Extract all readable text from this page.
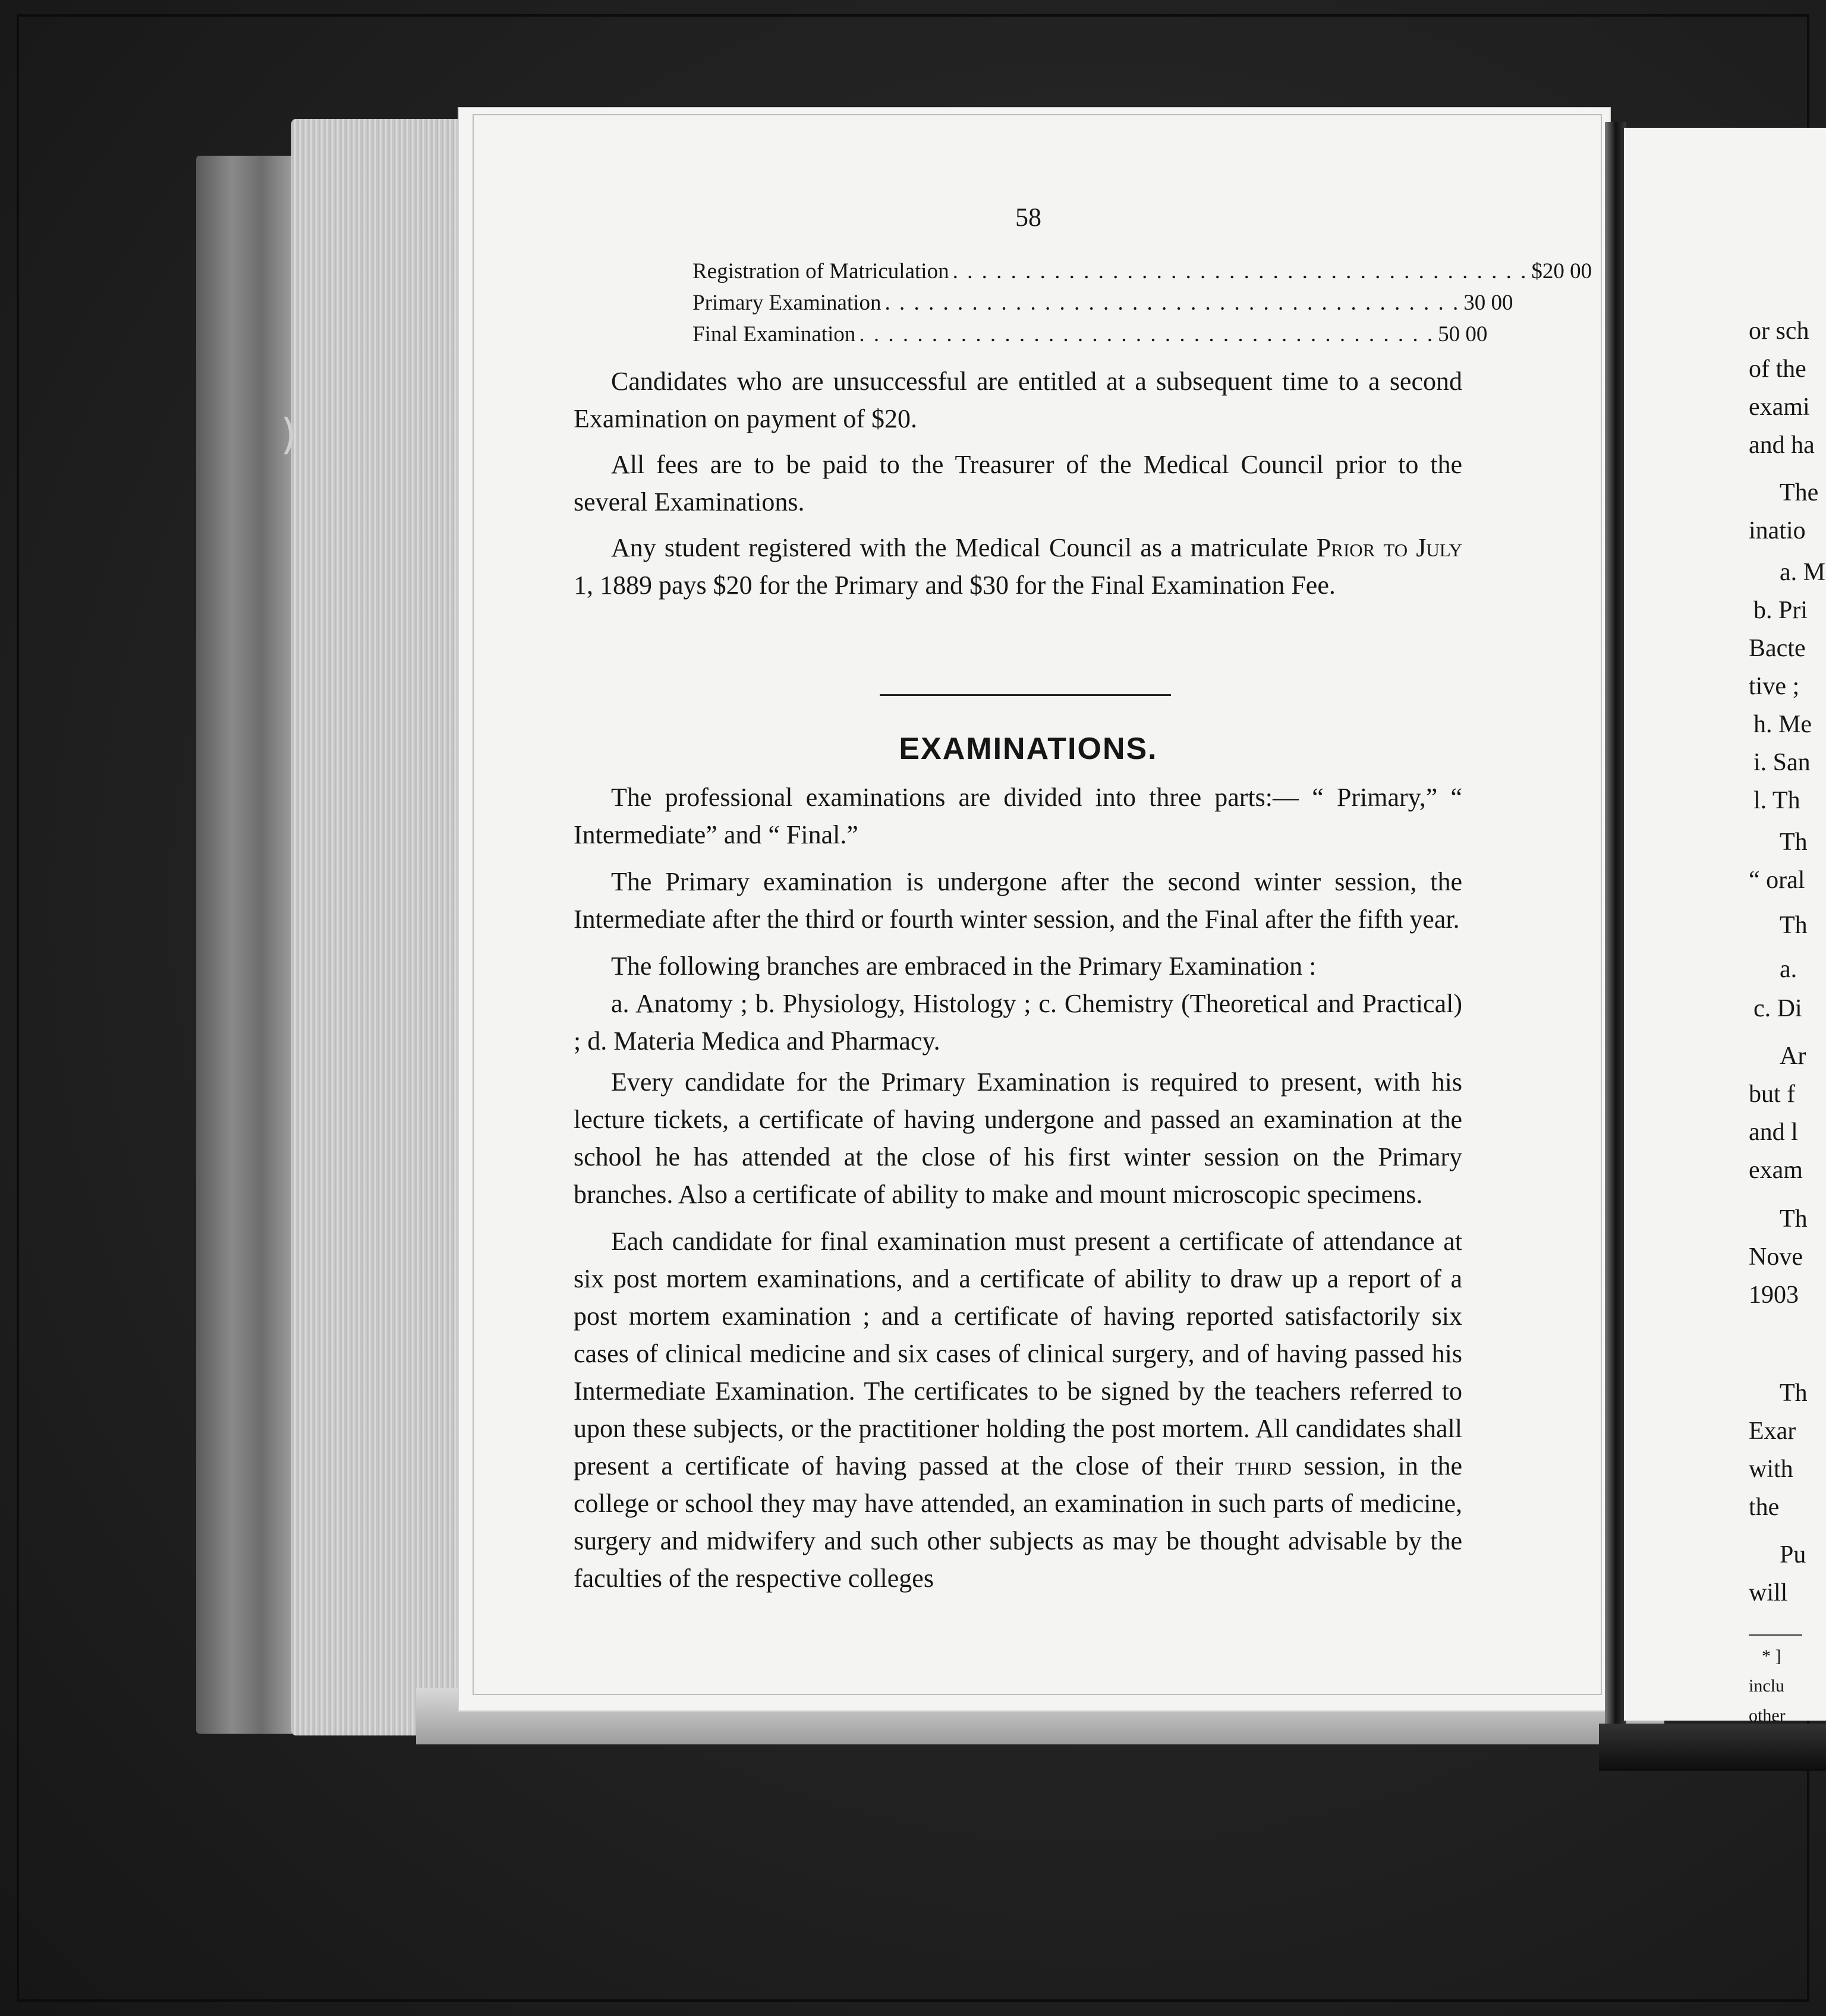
)
58
Registration of Matriculation . . . . . . . . . . . . . . . . . . . . . . . . . . . . . . . . . . . . . . . . $20 00
Primary Examination . . . . . . . . . . . . . . . . . . . . . . . . . . . . . . . . . . . . . . . . 30 00
Final Examination . . . . . . . . . . . . . . . . . . . . . . . . . . . . . . . . . . . . . . . . 50 00

Candidates who are unsuccessful are entitled at a subsequent time to a second Examination on payment of $20.

All fees are to be paid to the Treasurer of the Medical Council prior to the several Examinations.

Any student registered with the Medical Council as a matriculate Prior to July 1, 1889 pays $20 for the Primary and $30 for the Final Examination Fee.

EXAMINATIONS.

The professional examinations are divided into three parts:— “ Primary,” “ Intermediate” and “ Final.”

The Primary examination is undergone after the second winter session, the Intermediate after the third or fourth winter session, and the Final after the fifth year.

The following branches are embraced in the Primary Examination :

a. Anatomy ; b. Physiology, Histology ; c. Chemistry (Theoretical and Practical) ; d. Materia Medica and Pharmacy.

Every candidate for the Primary Examination is required to present, with his lecture tickets, a certificate of having undergone and passed an examination at the school he has attended at the close of his first winter session on the Primary branches. Also a certificate of ability to make and mount microscopic specimens.

Each candidate for final examination must present a certificate of attendance at six post mortem examinations, and a certificate of ability to draw up a report of a post mortem examination ; and a certificate of having reported satisfactorily six cases of clinical medicine and six cases of clinical surgery, and of having passed his Intermediate Examination. The certificates to be signed by the teachers referred to upon these subjects, or the practitioner holding the post mortem. All candidates shall present a certificate of having passed at the close of their third session, in the college or school they may have attended, an examination in such parts of medicine, surgery and midwifery and such other subjects as may be thought advisable by the faculties of the respective colleges

or sch
of the
exami
and ha
The
inatio
a. M
b. Pri
Bacte
tive ;
h. Me
i. San
l. Th
Th
“ oral
Th
a.
c. Di
Ar
but f
and l
exam
Th
Nove
1903
Th
Exar
with
the
Pu
will
* ]
inclu
other
